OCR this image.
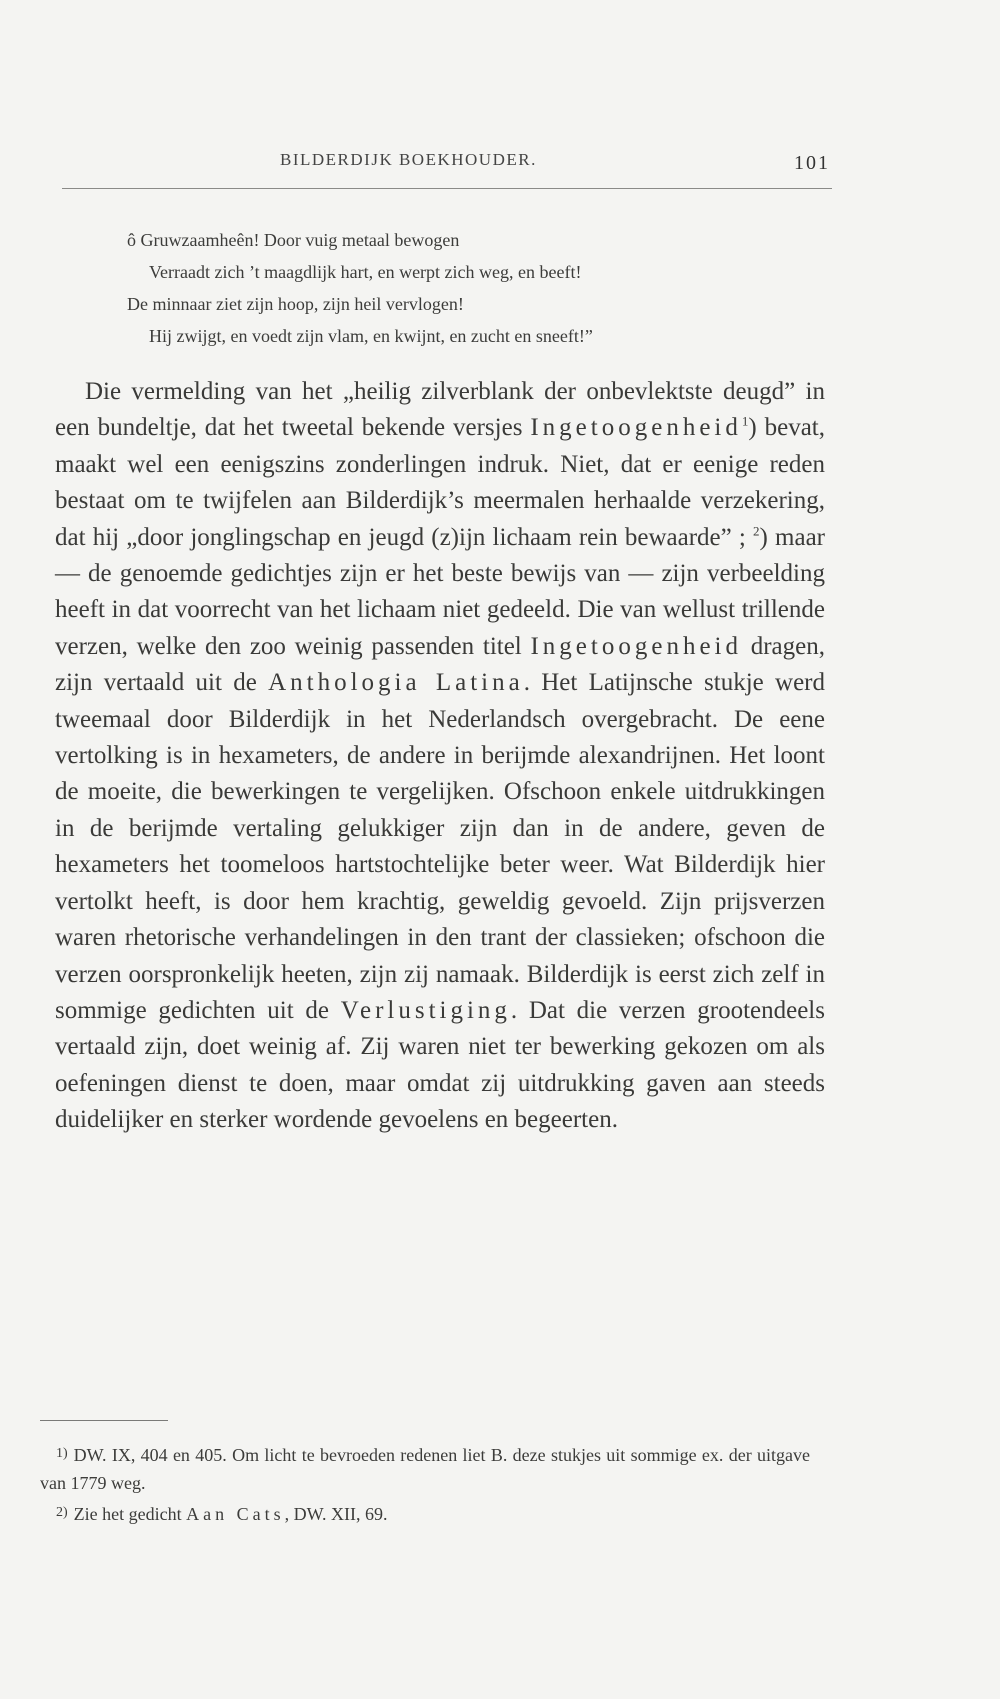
BILDERDIJK BOEKHOUDER.	101
ô Gruwzaamheên! Door vuig metaal bewogen
Verraadt zich ’t maagdlijk hart, en werpt zich weg, en beeft!
De minnaar ziet zijn hoop, zijn heil vervlogen!
Hij zwijgt, en voedt zijn vlam, en kwijnt, en zucht en sneeft!”

Die vermelding van het „heilig zilverblank der onbevlektste deugd” in een bundeltje, dat het tweetal bekende versjes Ingetoogenheid$^1$) bevat, maakt wel een eenigszins zonderlingen indruk. Niet, dat er eenige reden bestaat om te twijfelen aan Bilderdijk’s meermalen herhaalde verzekering, dat hij „door jonglingschap en jeugd (z)ijn lichaam rein bewaarde” ; $^2$) maar — de genoemde gedichtjes zijn er het beste bewijs van — zijn verbeelding heeft in dat voorrecht van het lichaam niet gedeeld. Die van wellust trillende verzen, welke den zoo weinig passenden titel Ingetoogenheid dragen, zijn vertaald uit de Anthologia Latina. Het Latijnsche stukje werd tweemaal door Bilderdijk in het Nederlandsch overgebracht. De eene vertolking is in hexameters, de andere in berijmde alexandrijnen. Het loont de moeite, die bewerkingen te vergelijken. Ofschoon enkele uitdrukkingen in de berijmde vertaling gelukkiger zijn dan in de andere, geven de hexameters het toomeloos hartstochtelijke beter weer. Wat Bilderdijk hier vertolkt heeft, is door hem krachtig, geweldig gevoeld. Zijn prijsverzen waren rhetorische verhandelingen in den trant der classieken; ofschoon die verzen oorspronkelijk heeten, zijn zij namaak. Bilderdijk is eerst zich zelf in sommige gedichten uit de Verlustiging. Dat die verzen grootendeels vertaald zijn, doet weinig af. Zij waren niet ter bewerking gekozen om als oefeningen dienst te doen, maar omdat zij uitdrukking gaven aan steeds duidelijker en sterker wordende gevoelens en begeerten.

$^{1)}$ DW. IX, 404 en 405. Om licht te bevroeden redenen liet B. deze stukjes uit sommige ex. der uitgave van 1779 weg.

$^{2)}$ Zie het gedicht Aan Cats, DW. XII, 69.
